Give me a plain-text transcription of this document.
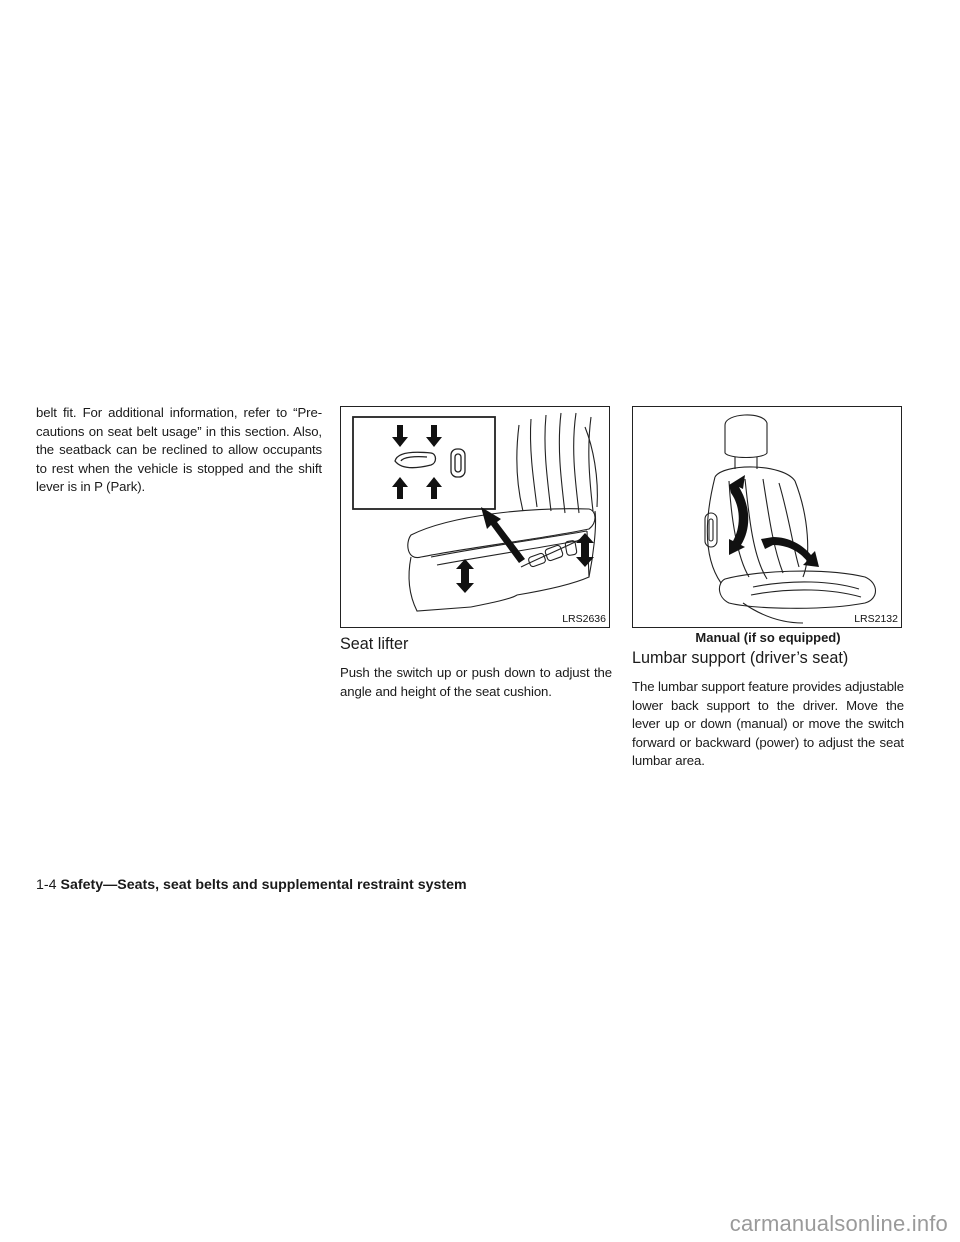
belt fit. For additional information, refer to “Pre-cautions on seat belt usage” in this section. Also, the seatback can be reclined to allow occupants to rest when the vehicle is stopped and the shift lever is in P (Park).

LRS2636
Seat lifter

Push the switch up or push down to adjust the angle and height of the seat cushion.

LRS2132

Manual (if so equipped)

Lumbar support (driver’s seat)

The lumbar support feature provides adjustable lower back support to the driver. Move the lever up or down (manual) or move the switch forward or backward (power) to adjust the seat lumbar area.

1-4 Safety—Seats, seat belts and supplemental restraint system
carmanualsonline.info
